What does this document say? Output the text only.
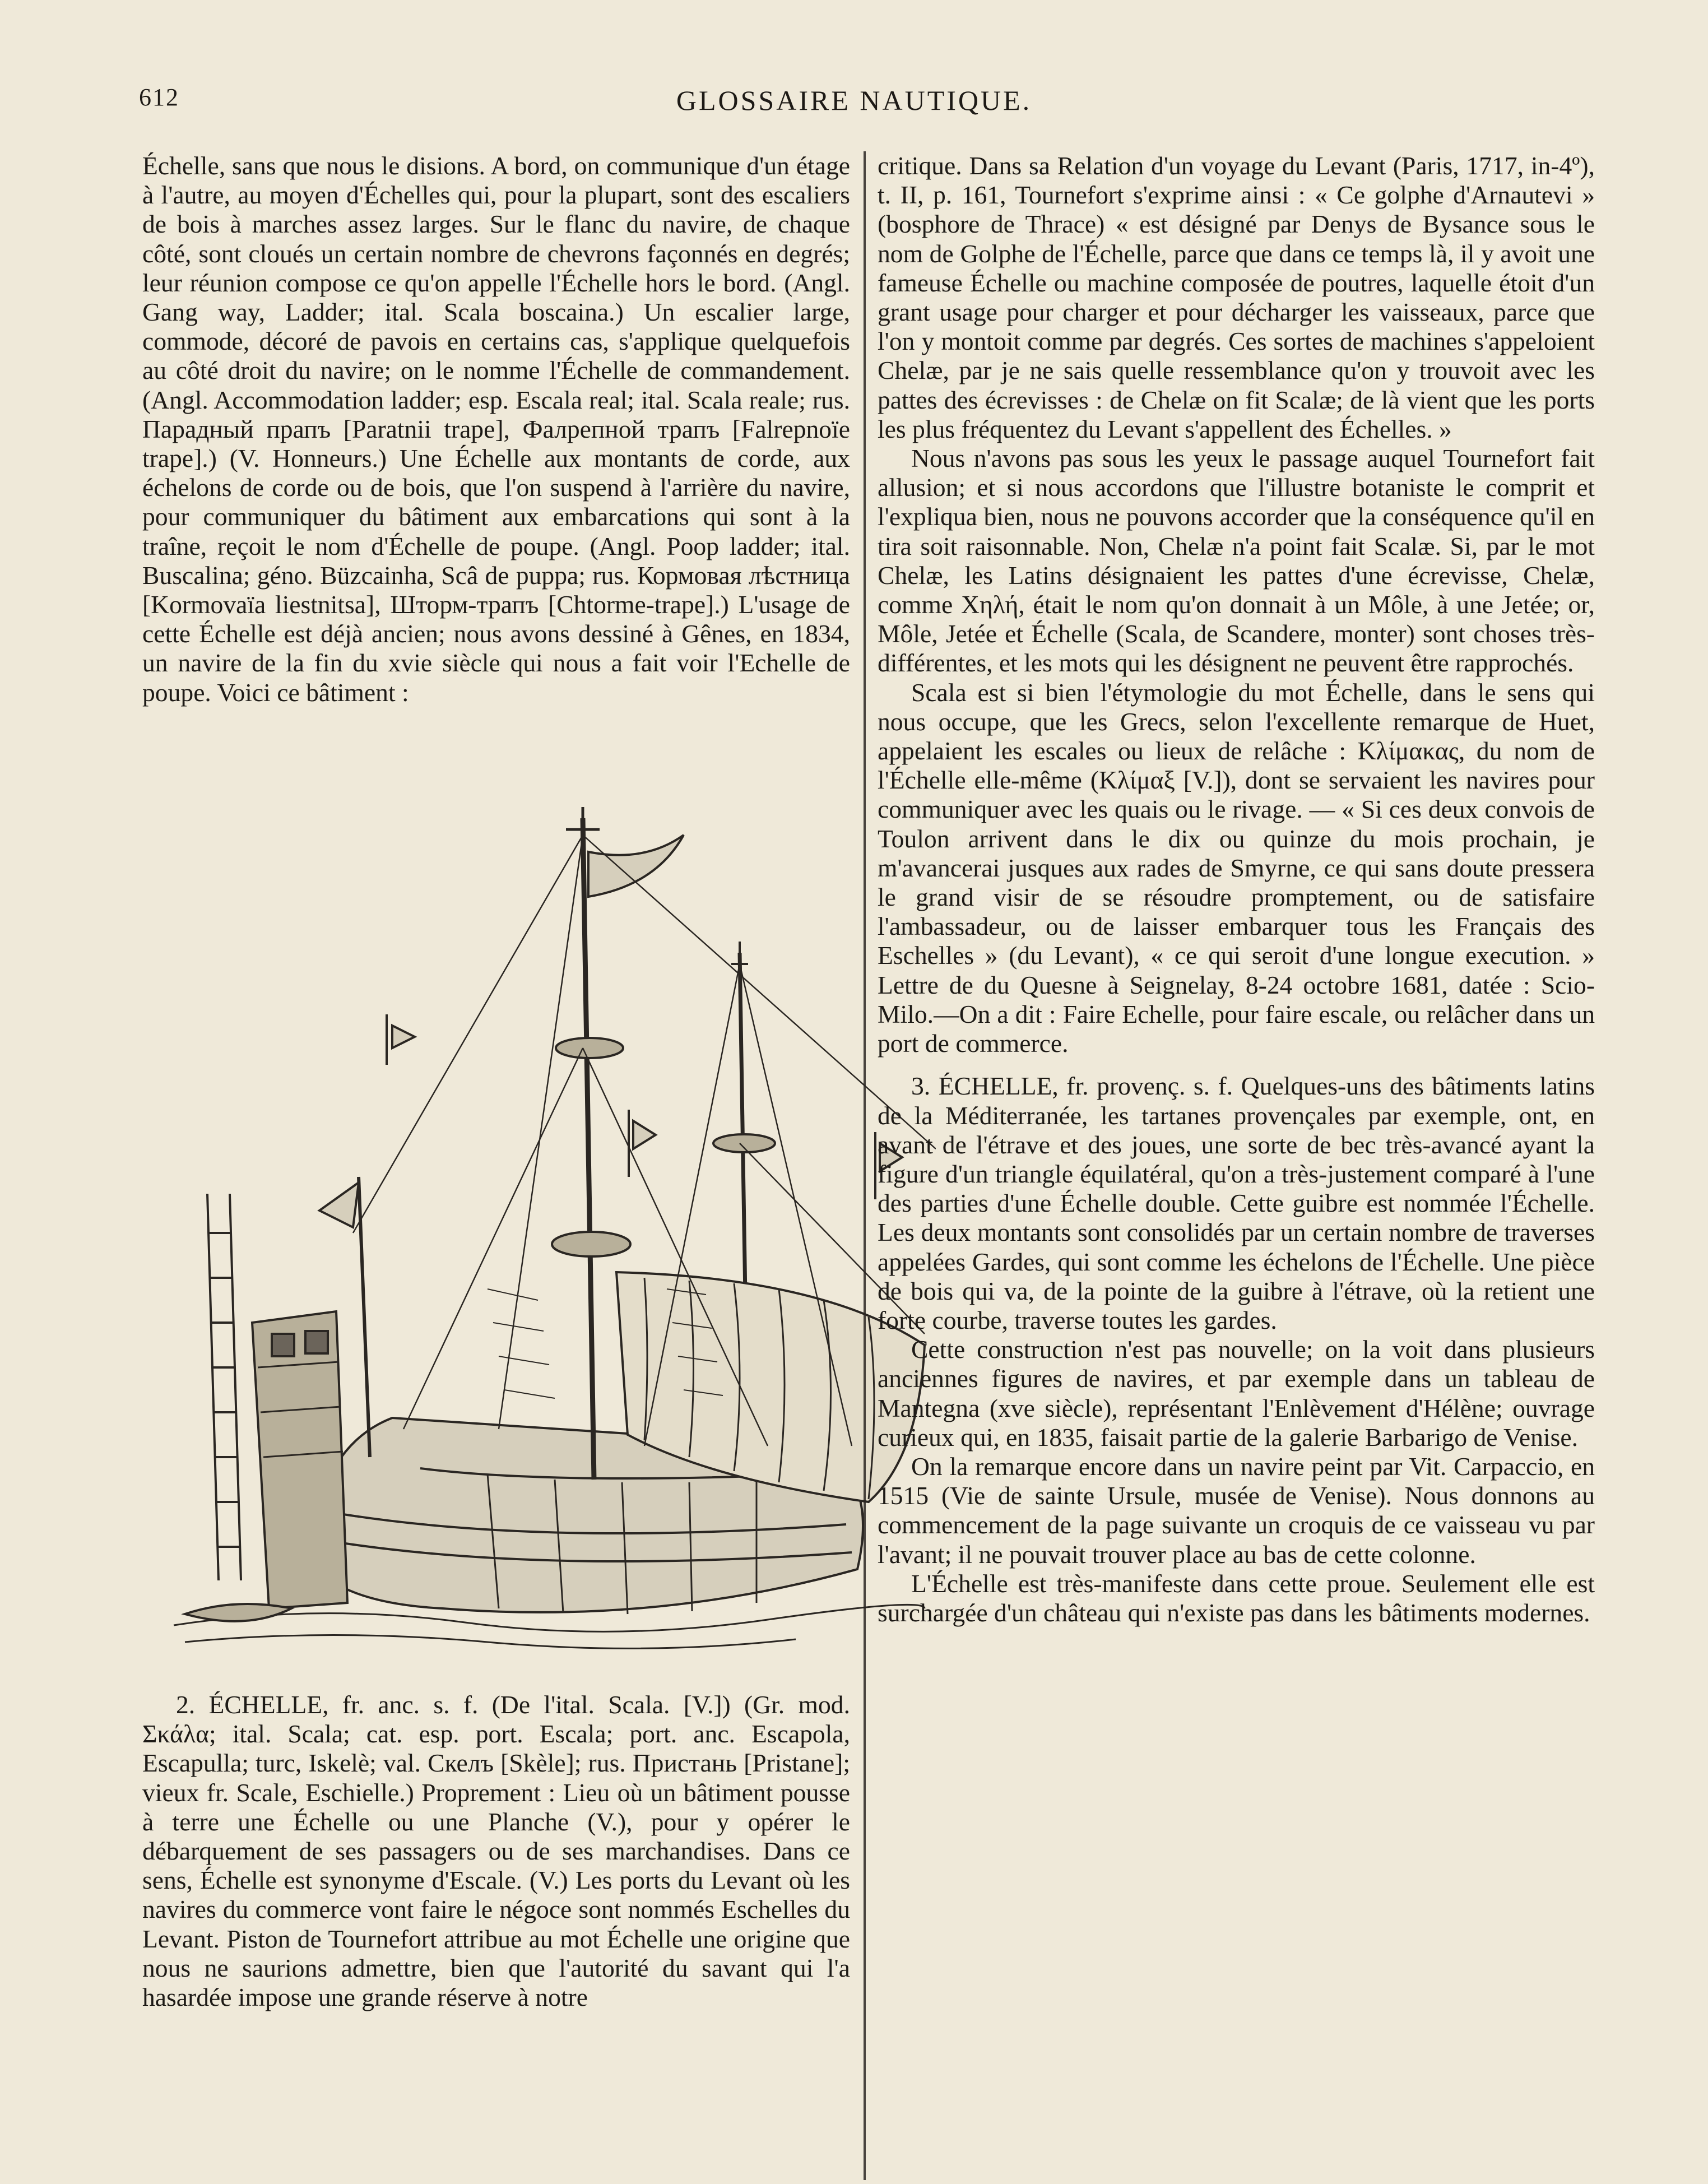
612	GLOSSAIRE NAUTIQUE.

Échelle, sans que nous le disions. A bord, on communique d'un étage à l'autre, au moyen d'Échelles qui, pour la plupart, sont des escaliers de bois à marches assez larges. Sur le flanc du navire, de chaque côté, sont cloués un certain nombre de chevrons façonnés en degrés; leur réunion compose ce qu'on appelle l'Échelle hors le bord. (Angl. Gang way, Ladder; ital. Scala boscaina.) Un escalier large, commode, décoré de pavois en certains cas, s'applique quelquefois au côté droit du navire; on le nomme l'Échelle de commandement. (Angl. Accommodation ladder; esp. Escala real; ital. Scala reale; rus. Парадный прапъ [Paratnii trape], Фалрепной трапъ [Falrepnoïe trape].) (V. Honneurs.) Une Échelle aux montants de corde, aux échelons de corde ou de bois, que l'on suspend à l'arrière du navire, pour communiquer du bâtiment aux embarcations qui sont à la traîne, reçoit le nom d'Échelle de poupe. (Angl. Poop ladder; ital. Buscalina; géno. Büzcainha, Scâ de puppa; rus. Кормовая лѣстница [Kormovaïa liestnitsa], Шторм-трапъ [Chtorme-trape].) L'usage de cette Échelle est déjà ancien; nous avons dessiné à Gênes, en 1834, un navire de la fin du xvie siècle qui nous a fait voir l'Echelle de poupe. Voici ce bâtiment :

2. ÉCHELLE, fr. anc. s. f. (De l'ital. Scala. [V.]) (Gr. mod. Σκάλα; ital. Scala; cat. esp. port. Escala; port. anc. Escapola, Escapulla; turc, Iskelè; val. Скелъ [Skèle]; rus. Пристань [Pristane]; vieux fr. Scale, Eschielle.) Proprement : Lieu où un bâtiment pousse à terre une Échelle ou une Planche (V.), pour y opérer le débarquement de ses passagers ou de ses marchandises. Dans ce sens, Échelle est synonyme d'Escale. (V.) Les ports du Levant où les navires du commerce vont faire le négoce sont nommés Eschelles du Levant. Piston de Tournefort attribue au mot Échelle une origine que nous ne saurions admettre, bien que l'autorité du savant qui l'a hasardée impose une grande réserve à notre

critique. Dans sa Relation d'un voyage du Levant (Paris, 1717, in-4º), t. II, p. 161, Tournefort s'exprime ainsi : « Ce golphe d'Arnautevi » (bosphore de Thrace) « est désigné par Denys de Bysance sous le nom de Golphe de l'Échelle, parce que dans ce temps là, il y avoit une fameuse Échelle ou machine composée de poutres, laquelle étoit d'un grant usage pour charger et pour décharger les vaisseaux, parce que l'on y montoit comme par degrés. Ces sortes de machines s'appeloient Chelæ, par je ne sais quelle ressemblance qu'on y trouvoit avec les pattes des écrevisses : de Chelæ on fit Scalæ; de là vient que les ports les plus fréquentez du Levant s'appellent des Échelles. »

Nous n'avons pas sous les yeux le passage auquel Tournefort fait allusion; et si nous accordons que l'illustre botaniste le comprit et l'expliqua bien, nous ne pouvons accorder que la conséquence qu'il en tira soit raisonnable. Non, Chelæ n'a point fait Scalæ. Si, par le mot Chelæ, les Latins désignaient les pattes d'une écrevisse, Chelæ, comme Χηλή, était le nom qu'on donnait à un Môle, à une Jetée; or, Môle, Jetée et Échelle (Scala, de Scandere, monter) sont choses très-différentes, et les mots qui les désignent ne peuvent être rapprochés.

Scala est si bien l'étymologie du mot Échelle, dans le sens qui nous occupe, que les Grecs, selon l'excellente remarque de Huet, appelaient les escales ou lieux de relâche : Κλίμακας, du nom de l'Échelle elle-même (Κλίμαξ [V.]), dont se servaient les navires pour communiquer avec les quais ou le rivage. — « Si ces deux convois de Toulon arrivent dans le dix ou quinze du mois prochain, je m'avancerai jusques aux rades de Smyrne, ce qui sans doute pressera le grand visir de se résoudre promptement, ou de satisfaire l'ambassadeur, ou de laisser embarquer tous les Français des Eschelles » (du Levant), « ce qui seroit d'une longue execution. » Lettre de du Quesne à Seignelay, 8-24 octobre 1681, datée : Scio-Milo.—On a dit : Faire Echelle, pour faire escale, ou relâcher dans un port de commerce.

3. ÉCHELLE, fr. provenç. s. f. Quelques-uns des bâtiments latins de la Méditerranée, les tartanes provençales par exemple, ont, en avant de l'étrave et des joues, une sorte de bec très-avancé ayant la figure d'un triangle équilatéral, qu'on a très-justement comparé à l'une des parties d'une Échelle double. Cette guibre est nommée l'Échelle. Les deux montants sont consolidés par un certain nombre de traverses appelées Gardes, qui sont comme les échelons de l'Échelle. Une pièce de bois qui va, de la pointe de la guibre à l'étrave, où la retient une forte courbe, traverse toutes les gardes.

Cette construction n'est pas nouvelle; on la voit dans plusieurs anciennes figures de navires, et par exemple dans un tableau de Mantegna (xve siècle), représentant l'Enlèvement d'Hélène; ouvrage curieux qui, en 1835, faisait partie de la galerie Barbarigo de Venise.

On la remarque encore dans un navire peint par Vit. Carpaccio, en 1515 (Vie de sainte Ursule, musée de Venise). Nous donnons au commencement de la page suivante un croquis de ce vaisseau vu par l'avant; il ne pouvait trouver place au bas de cette colonne.

L'Échelle est très-manifeste dans cette proue. Seulement elle est surchargée d'un château qui n'existe pas dans les bâtiments modernes.
